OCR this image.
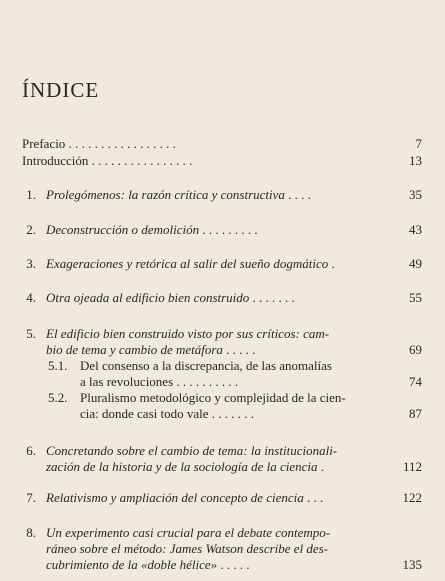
ÍNDICE
Prefacio . . . . . . . . . . . . . . . . .	7
Introducción . . . . . . . . . . . . . . . .	13
1. Prolegómenos: la razón crítica y constructiva . . . .	35
2. Deconstrucción o demolición . . . . . . . . .	43
3. Exageraciones y retórica al salir del sueño dogmático .	49
4. Otra ojeada al edificio bien construido . . . . . . .	55
5. El edificio bien construido visto por sus críticos: cam-
bio de tema y cambio de metáfora . . . . .	69
5.1. Del consenso a la discrepancia, de las anomalías
a las revoluciones . . . . . . . . . .	74
5.2. Pluralismo metodológico y complejidad de la cien-
cia: donde casi todo vale . . . . . . .	87
6. Concretando sobre el cambio de tema: la institucionali-
zación de la historia y de la sociología de la ciencia .	112
7. Relativismo y ampliación del concepto de ciencia . . .	122
8. Un experimento casi crucial para el debate contempo-
ráneo sobre el método: James Watson describe el des-
cubrimiento de la «doble hélice» . . . . .	135
